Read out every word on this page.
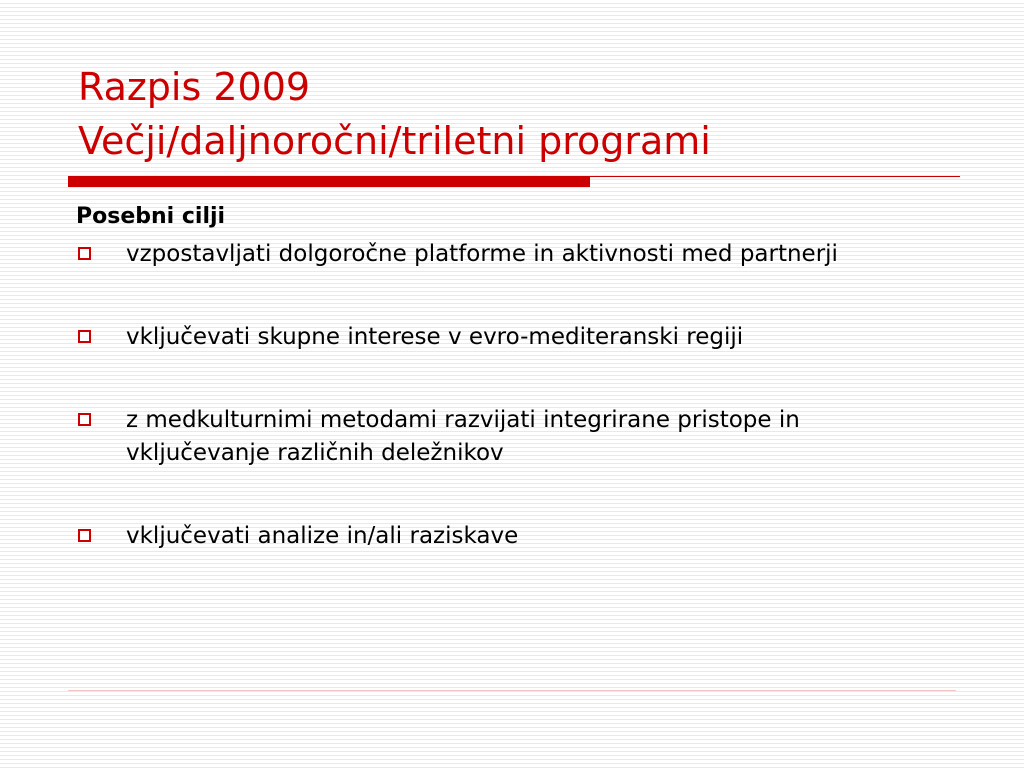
Razpis 2009
Večji/daljnoročni/triletni programi
Posebni cilji
vzpostavljati dolgoročne platforme in aktivnosti med partnerji
vključevati skupne interese v evro-mediteranski regiji
z medkulturnimi metodami razvijati integrirane pristope in vključevanje različnih deležnikov
vključevati analize in/ali raziskave
